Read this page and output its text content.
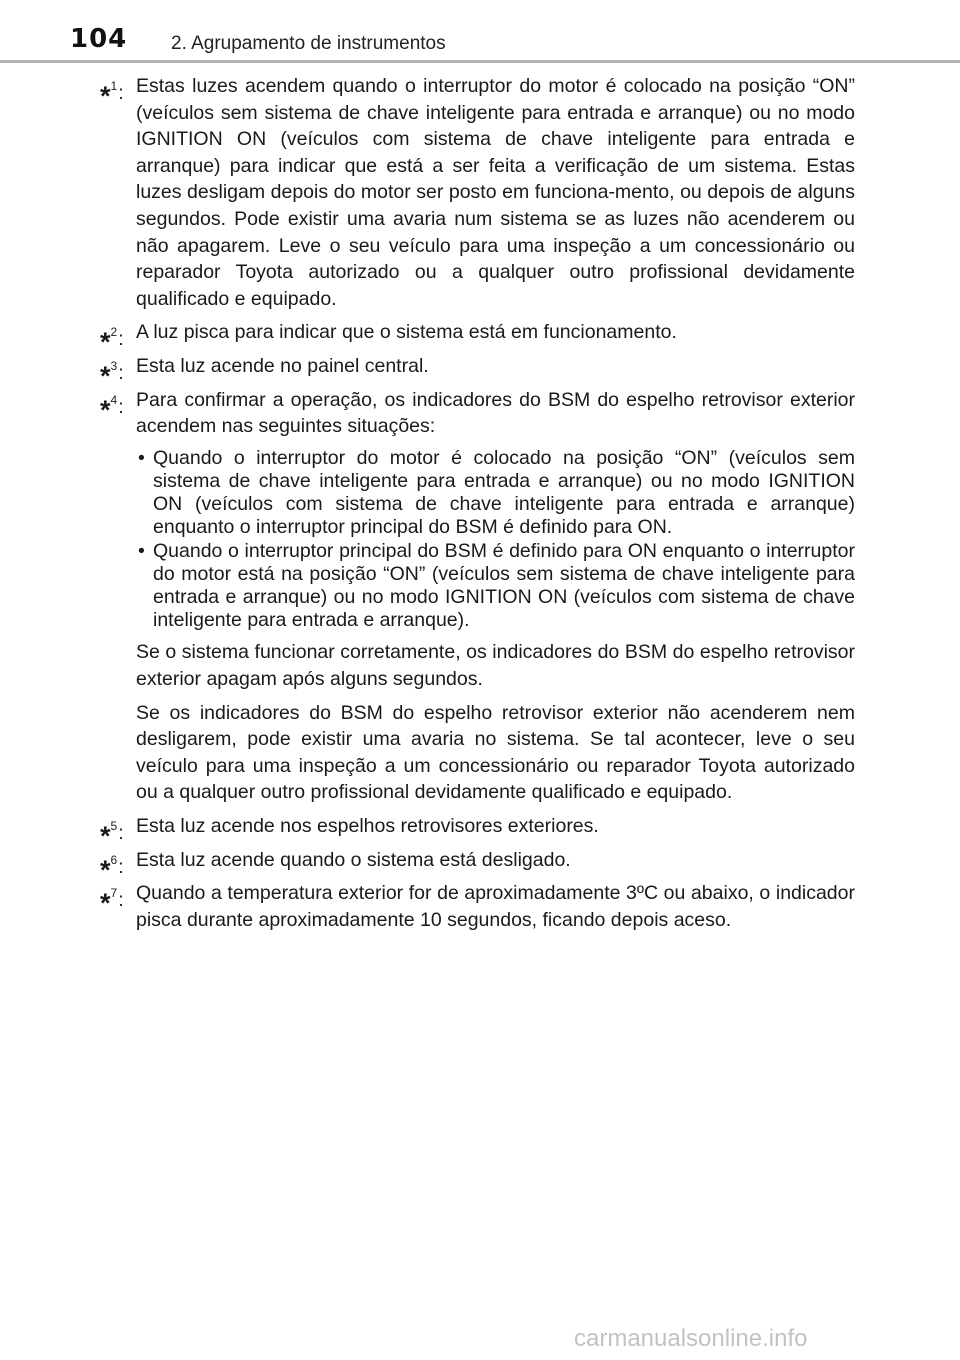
104 2. Agrupamento de instrumentos
*$^1$: Estas luzes acendem quando o interruptor do motor é colocado na posição “ON” (veículos sem sistema de chave inteligente para entrada e arranque) ou no modo IGNITION ON (veículos com sistema de chave inteligente para entrada e arranque) para indicar que está a ser feita a verificação de um sistema. Estas luzes desligam depois do motor ser posto em funciona-mento, ou depois de alguns segundos. Pode existir uma avaria num sistema se as luzes não acenderem ou não apagarem. Leve o seu veículo para uma inspeção a um concessionário ou reparador Toyota autorizado ou a qualquer outro profissional devidamente qualificado e equipado.

*$^2$: A luz pisca para indicar que o sistema está em funcionamento.

*$^3$: Esta luz acende no painel central.

*$^4$: Para confirmar a operação, os indicadores do BSM do espelho retrovisor exterior acendem nas seguintes situações:

• Quando o interruptor do motor é colocado na posição “ON” (veículos sem sistema de chave inteligente para entrada e arranque) ou no modo IGNITION ON (veículos com sistema de chave inteligente para entrada e arranque) enquanto o interruptor principal do BSM é definido para ON.
• Quando o interruptor principal do BSM é definido para ON enquanto o interruptor do motor está na posição “ON” (veículos sem sistema de chave inteligente para entrada e arranque) ou no modo IGNITION ON (veículos com sistema de chave inteligente para entrada e arranque).

Se o sistema funcionar corretamente, os indicadores do BSM do espelho retrovisor exterior apagam após alguns segundos.

Se os indicadores do BSM do espelho retrovisor exterior não acenderem nem desligarem, pode existir uma avaria no sistema. Se tal acontecer, leve o seu veículo para uma inspeção a um concessionário ou reparador Toyota autorizado ou a qualquer outro profissional devidamente qualificado e equipado.

*$^5$: Esta luz acende nos espelhos retrovisores exteriores.

*$^6$: Esta luz acende quando o sistema está desligado.

*$^7$: Quando a temperatura exterior for de aproximadamente 3ºC ou abaixo, o indicador pisca durante aproximadamente 10 segundos, ficando depois aceso.

carmanualsonline.info
